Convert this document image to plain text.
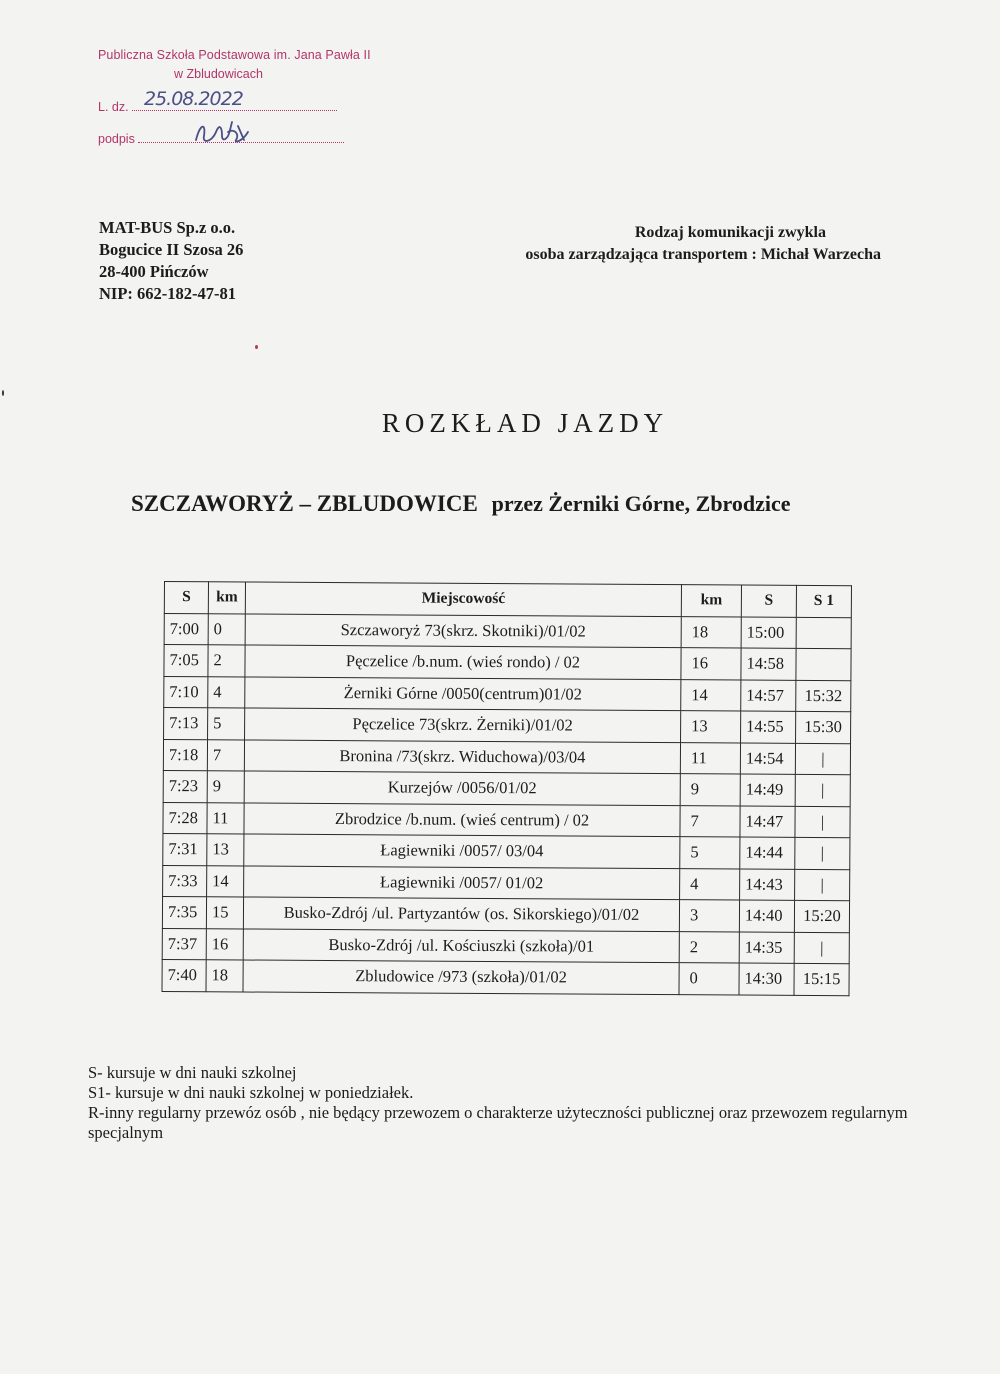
Publiczna Szkoła Podstawowa im. Jana Pawła II
w Zbludowicach
L. dz.
podpis
25.08.2022
MAT-BUS Sp.z o.o.
Bogucice II Szosa 26
28-400 Pińczów
NIP: 662-182-47-81
Rodzaj komunikacji zwykla
osoba zarządzająca transportem : Michał Warzecha
ROZKŁAD JAZDY
SZCZAWORYŻ – ZBLUDOWICE przez Żerniki Górne, Zbrodzice
S	km	Miejscowość	km	S	S 1
7:00	0	Szczaworyż 73(skrz. Skotniki)/01/02	18	15:00	
7:05	2	Pęczelice /b.num. (wieś rondo) / 02	16	14:58	
7:10	4	Żerniki Górne /0050(centrum)01/02	14	14:57	15:32
7:13	5	Pęczelice 73(skrz. Żerniki)/01/02	13	14:55	15:30
7:18	7	Bronina /73(skrz. Widuchowa)/03/04	11	14:54	|
7:23	9	Kurzejów /0056/01/02	9	14:49	|
7:28	11	Zbrodzice /b.num. (wieś centrum) / 02	7	14:47	|
7:31	13	Łagiewniki /0057/ 03/04	5	14:44	|
7:33	14	Łagiewniki /0057/ 01/02	4	14:43	|
7:35	15	Busko-Zdrój /ul. Partyzantów (os. Sikorskiego)/01/02	3	14:40	15:20
7:37	16	Busko-Zdrój /ul. Kościuszki (szkoła)/01	2	14:35	|
7:40	18	Zbludowice /973 (szkoła)/01/02	0	14:30	15:15
S- kursuje w dni nauki szkolnej
S1- kursuje w dni nauki szkolnej w poniedziałek.
R-inny regularny przewóz osób , nie będący przewozem o charakterze użyteczności publicznej oraz przewozem regularnym specjalnym
